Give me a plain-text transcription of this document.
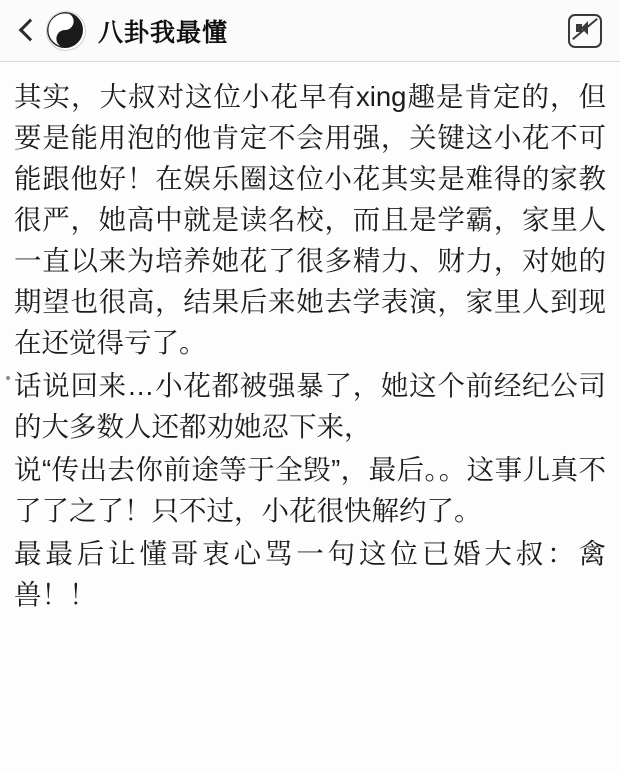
八卦我最懂

其实，大叔对这位小花早有xing趣是肯定的，但要是能用泡的他肯定不会用强，关键这小花不可能跟他好！在娱乐圈这位小花其实是难得的家教很严，她高中就是读名校，而且是学霸，家里人一直以来为培养她花了很多精力、财力，对她的期望也很高，结果后来她去学表演，家里人到现在还觉得亏了。

话说回来…小花都被强暴了，她这个前经纪公司的大多数人还都劝她忍下来，

说“传出去你前途等于全毁”，最后。。这事儿真不了了之了！只不过，小花很快解约了。

最最后让懂哥衷心骂一句这位已婚大叔：禽兽！！
